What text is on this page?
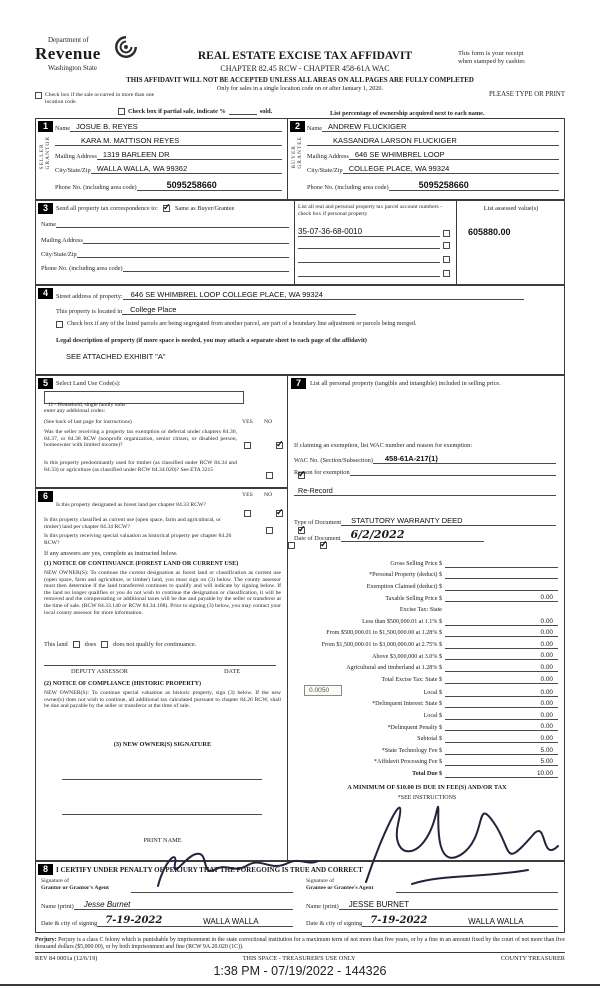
Department of
Revenue
Washington State
REAL ESTATE EXCISE TAX AFFIDAVIT
CHAPTER 82.45 RCW - CHAPTER 458-61A WAC
This form is your receipt
when stamped by cashier.
THIS AFFIDAVIT WILL NOT BE ACCEPTED UNLESS ALL AREAS ON ALL PAGES ARE FULLY COMPLETED
Only for sales in a single location code on or after January 1, 2020.
PLEASE TYPE OR PRINT
Check box if the sale occurred in more than one location code.
Check box if partial sale, indicate %	sold.	List percentage of ownership acquired next to each name.
1
SELLER GRANTOR
Name JOSUE B. REYES
KARA M. MATTISON REYES
Mailing Address 1319 BARLEEN DR
City/State/Zip WALLA WALLA, WA 99362
Phone No. (including area code)	5095258660
2
BUYER GRANTEE
Name ANDREW FLUCKIGER
KASSANDRA LARSON FLUCKIGER
Mailing Address 646 SE WHIMBREL LOOP
City/State/Zip COLLEGE PLACE, WA 99324
Phone No. (including area code)	5095258660
3	Send all property tax correspondence to: ✓	Same as Buyer/Grantee
Name
Mailing Address
City/State/Zip
Phone No. (including area code)
List all real and personal property tax parcel account numbers - check box if personal property
35-07-36-68-0010
List assessed value(s)
605880.00
4	Street address of property:	646 SE WHIMBREL LOOP COLLEGE PLACE, WA 99324
This property is located in	College Place
Check box if any of the listed parcels are being segregated from another parcel, are part of a boundary line adjustment or parcels being merged.
Legal description of property (if more space is needed, you may attach a separate sheet to each page of the affidavit)
SEE ATTACHED EXHIBIT "A"
5	Select Land Use Code(s):
11 - Household, single family units
enter any additional codes:
(See back of last page for instructions)	YES NO
Was the seller receiving a property tax exemption or deferral under chapters 84.36, 84.37, or 84.38 RCW (nonprofit organization, senior citizen, or disabled person, homeowner with limited income)?
✓
Is this property predominantly used for timber (as classified under RCW 84.34 and 84.33) or agriculture (as classified under RCW 84.34.020)? See ETA 3215
✓
6	YES NO
Is this property designated as forest land per chapter 84.33 RCW?
✓
Is this property classified as current use (open space, farm and agricultural, or timber) land per chapter 84.34 RCW?
✓
Is this property receiving special valuation as historical property per chapter 84.26 RCW?
✓
If any answers are yes, complete as instructed below.
(1) NOTICE OF CONTINUANCE (FOREST LAND OR CURRENT USE)
NEW OWNER(S): To continue the current designation as forest land or classification as current use (open space, farm and agriculture, or timber) land, you must sign on (3) below. The county assessor must then determine if the land transferred continues to qualify and will indicate by signing below. If the land no longer qualifies or you do not wish to continue the designation or classification, it will be removed and the compensating or additional taxes will be due and payable by the seller or transferor at the time of sale. (RCW 84.33.140 or RCW 84.34.108). Prior to signing (3) below, you may contact your local county assessor for more information.
This land	does	does not qualify for continuance.
DEPUTY ASSESSOR	DATE
(2) NOTICE OF COMPLIANCE (HISTORIC PROPERTY)
NEW OWNER(S): To continue special valuation as historic property, sign (3) below. If the new owner(s) does not wish to continue, all additional tax calculated pursuant to chapter 84.26 RCW, shall be due and payable by the seller or transferor at the time of sale.
(3) NEW OWNER(S) SIGNATURE
PRINT NAME
7	List all personal property (tangible and intangible) included in selling price.
If claiming an exemption, list WAC number and reason for exemption:
WAC No. (Section/Subsection)	458-61A-217(1)
Reason for exemption
Re-Record
Type of Document	STATUTORY WARRANTY DEED
Date of Document 6/2/2022
Gross Selling Price $
*Personal Property (deduct) $
Exemption Claimed (deduct) $
Taxable Selling Price $	0.00
Excise Tax: State
Less than $500,000.01 at 1.1% $	0.00
From $500,000.01 to $1,500,000.00 at 1.28% $	0.00
From $1,500,000.01 to $3,000,000.00 at 2.75% $	0.00
Above $3,000,000 at 3.0% $	0.00
Agricultural and timberland at 1.28% $	0.00
Total Excise Tax: State $	0.00
0.0050	Local $	0.00
*Delinquent Interest: State $	0.00
Local $	0.00
*Delinquent Penalty $	0.00
Subtotal $	0.00
*State Technology Fee $	5.00
*Affidavit Processing Fee $	5.00
Total Due $	10.00
A MINIMUM OF $10.00 IS DUE IN FEE(S) AND/OR TAX
*SEE INSTRUCTIONS
8	I CERTIFY UNDER PENALTY OF PERJURY THAT THE FOREGOING IS TRUE AND CORRECT
Signature of
Grantor or Grantor's Agent
Signature of
Grantee or Grantee's Agent
Name (print)	Jesse Burnet	Name (print)	JESSE BURNET
Date & city of signing 7-19-2022	WALLA WALLA	Date & city of signing 7-19-2022	WALLA WALLA
Perjury: Perjury is a class C felony which is punishable by imprisonment in the state correctional institution for a maximum term of not more than five years, or by a fine in an amount fixed by the court of not more than five thousand dollars ($5,000.00), or by both imprisonment and fine (RCW 9A.20.020 (1C)).
REV 84 0001a (12/6/19)	THIS SPACE - TREASURER'S USE ONLY	COUNTY TREASURER
1:38 PM - 07/19/2022 - 144326
